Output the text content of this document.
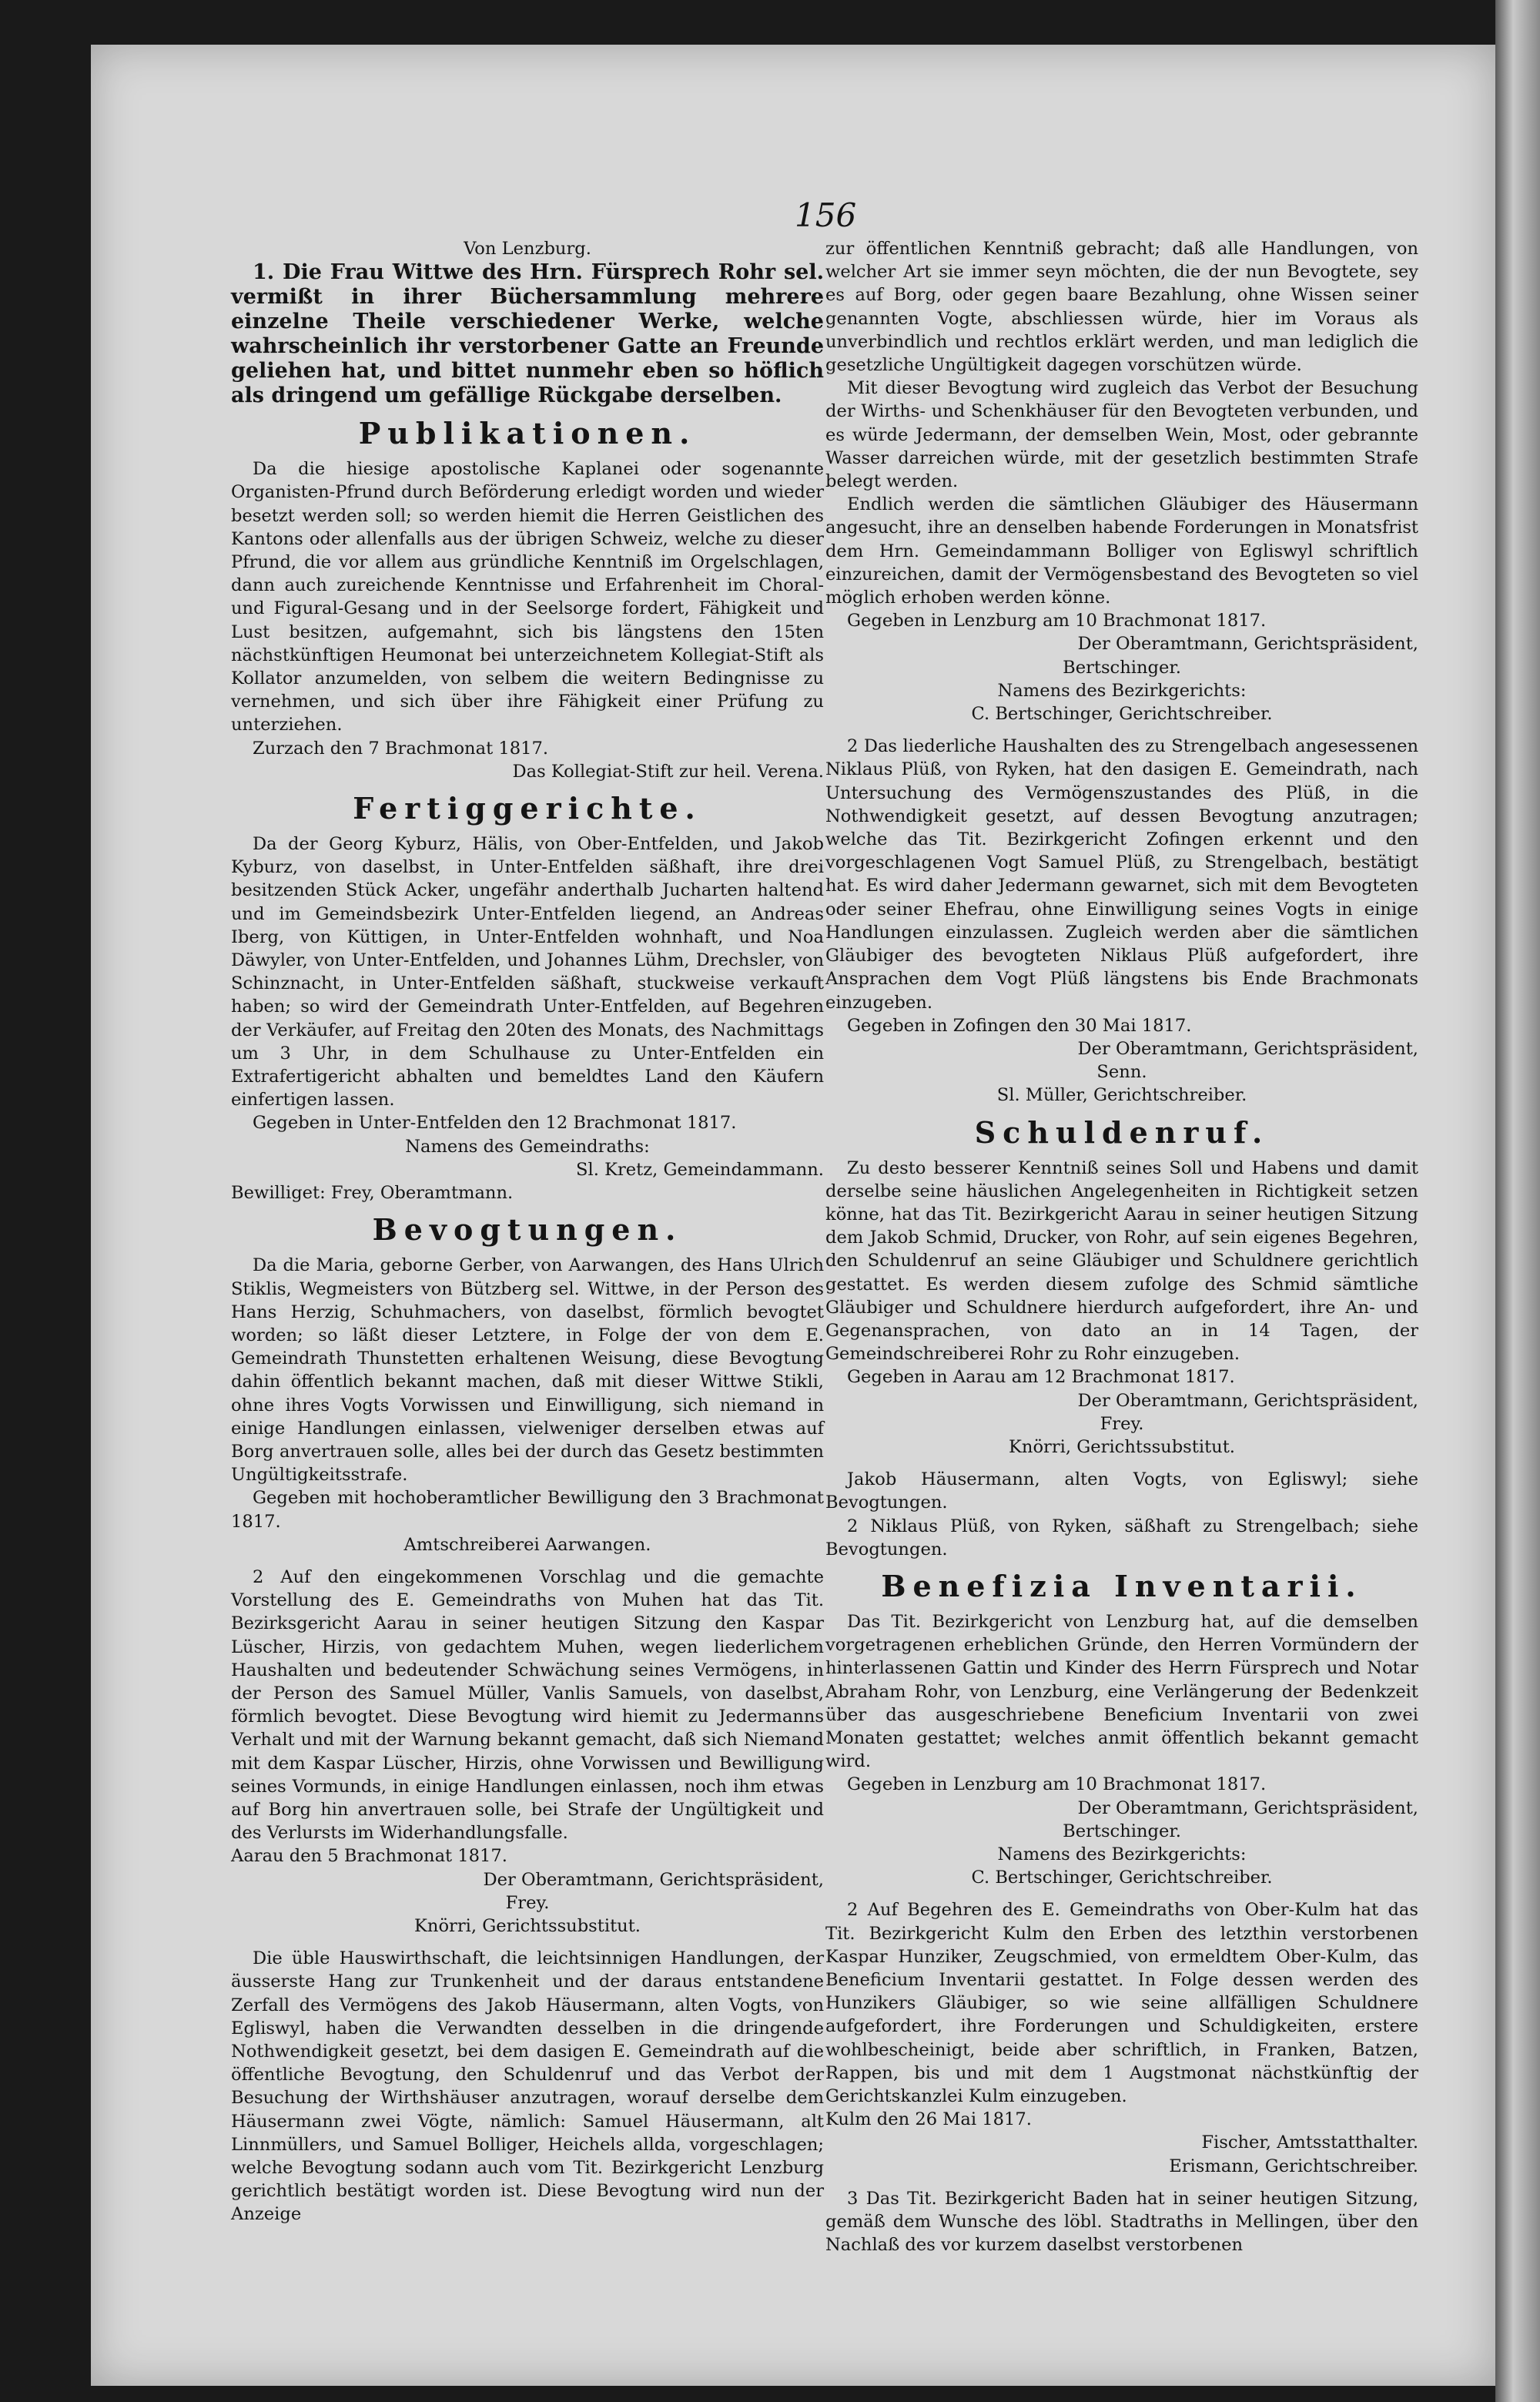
156

Von Lenzburg.

1. Die Frau Wittwe des Hrn. Fürsprech Rohr sel. vermißt in ihrer Büchersammlung mehrere einzelne Theile verschiedener Werke, welche wahrscheinlich ihr verstorbener Gatte an Freunde geliehen hat, und bittet nunmehr eben so höflich als dringend um gefällige Rückgabe derselben.

Publikationen.

Da die hiesige apostolische Kaplanei oder sogenannte Organisten-Pfrund durch Beförderung erledigt worden und wieder besetzt werden soll; so werden hiemit die Herren Geistlichen des Kantons oder allenfalls aus der übrigen Schweiz, welche zu dieser Pfrund, die vor allem aus gründliche Kenntniß im Orgelschlagen, dann auch zureichende Kenntnisse und Erfahrenheit im Choral- und Figural-Gesang und in der Seelsorge fordert, Fähigkeit und Lust besitzen, aufgemahnt, sich bis längstens den 15ten nächstkünftigen Heumonat bei unterzeichnetem Kollegiat-Stift als Kollator anzumelden, von selbem die weitern Bedingnisse zu vernehmen, und sich über ihre Fähigkeit einer Prüfung zu unterziehen.

Zurzach den 7 Brachmonat 1817.

Das Kollegiat-Stift zur heil. Verena.

Fertiggerichte.

Da der Georg Kyburz, Hälis, von Ober-Entfelden, und Jakob Kyburz, von daselbst, in Unter-Entfelden säßhaft, ihre drei besitzenden Stück Acker, ungefähr anderthalb Jucharten haltend und im Gemeindsbezirk Unter-Entfelden liegend, an Andreas Iberg, von Küttigen, in Unter-Entfelden wohnhaft, und Noa Däwyler, von Unter-Entfelden, und Johannes Lühm, Drechsler, von Schinznacht, in Unter-Entfelden säßhaft, stuckweise verkauft haben; so wird der Gemeindrath Unter-Entfelden, auf Begehren der Verkäufer, auf Freitag den 20ten des Monats, des Nachmittags um 3 Uhr, in dem Schulhause zu Unter-Entfelden ein Extrafertigericht abhalten und bemeldtes Land den Käufern einfertigen lassen.

Gegeben in Unter-Entfelden den 12 Brachmonat 1817.

Namens des Gemeindraths:

Sl. Kretz, Gemeindammann.

Bewilliget: Frey, Oberamtmann.

Bevogtungen.

Da die Maria, geborne Gerber, von Aarwangen, des Hans Ulrich Stiklis, Wegmeisters von Bützberg sel. Wittwe, in der Person des Hans Herzig, Schuhmachers, von daselbst, förmlich bevogtet worden; so läßt dieser Letztere, in Folge der von dem E. Gemeindrath Thunstetten erhaltenen Weisung, diese Bevogtung dahin öffentlich bekannt machen, daß mit dieser Wittwe Stikli, ohne ihres Vogts Vorwissen und Einwilligung, sich niemand in einige Handlungen einlassen, vielweniger derselben etwas auf Borg anvertrauen solle, alles bei der durch das Gesetz bestimmten Ungültigkeitsstrafe.

Gegeben mit hochoberamtlicher Bewilligung den 3 Brachmonat 1817.

Amtschreiberei Aarwangen.

2 Auf den eingekommenen Vorschlag und die gemachte Vorstellung des E. Gemeindraths von Muhen hat das Tit. Bezirksgericht Aarau in seiner heutigen Sitzung den Kaspar Lüscher, Hirzis, von gedachtem Muhen, wegen liederlichem Haushalten und bedeutender Schwächung seines Vermögens, in der Person des Samuel Müller, Vanlis Samuels, von daselbst, förmlich bevogtet. Diese Bevogtung wird hiemit zu Jedermanns Verhalt und mit der Warnung bekannt gemacht, daß sich Niemand mit dem Kaspar Lüscher, Hirzis, ohne Vorwissen und Bewilligung seines Vormunds, in einige Handlungen einlassen, noch ihm etwas auf Borg hin anvertrauen solle, bei Strafe der Ungültigkeit und des Verlursts im Widerhandlungsfalle.

Aarau den 5 Brachmonat 1817.

Der Oberamtmann, Gerichtspräsident,

Frey.

Knörri, Gerichtssubstitut.

Die üble Hauswirthschaft, die leichtsinnigen Handlungen, der äusserste Hang zur Trunkenheit und der daraus entstandene Zerfall des Vermögens des Jakob Häusermann, alten Vogts, von Egliswyl, haben die Verwandten desselben in die dringende Nothwendigkeit gesetzt, bei dem dasigen E. Gemeindrath auf die öffentliche Bevogtung, den Schuldenruf und das Verbot der Besuchung der Wirthshäuser anzutragen, worauf derselbe dem Häusermann zwei Vögte, nämlich: Samuel Häusermann, alt Linnmüllers, und Samuel Bolliger, Heichels allda, vorgeschlagen; welche Bevogtung sodann auch vom Tit. Bezirkgericht Lenzburg gerichtlich bestätigt worden ist. Diese Bevogtung wird nun der Anzeige

zur öffentlichen Kenntniß gebracht; daß alle Handlungen, von welcher Art sie immer seyn möchten, die der nun Bevogtete, sey es auf Borg, oder gegen baare Bezahlung, ohne Wissen seiner genannten Vogte, abschliessen würde, hier im Voraus als unverbindlich und rechtlos erklärt werden, und man lediglich die gesetzliche Ungültigkeit dagegen vorschützen würde.

Mit dieser Bevogtung wird zugleich das Verbot der Besuchung der Wirths- und Schenkhäuser für den Bevogteten verbunden, und es würde Jedermann, der demselben Wein, Most, oder gebrannte Wasser darreichen würde, mit der gesetzlich bestimmten Strafe belegt werden.

Endlich werden die sämtlichen Gläubiger des Häusermann angesucht, ihre an denselben habende Forderungen in Monatsfrist dem Hrn. Gemeindammann Bolliger von Egliswyl schriftlich einzureichen, damit der Vermögensbestand des Bevogteten so viel möglich erhoben werden könne.

Gegeben in Lenzburg am 10 Brachmonat 1817.

Der Oberamtmann, Gerichtspräsident,

Bertschinger.

Namens des Bezirkgerichts:

C. Bertschinger, Gerichtschreiber.

2 Das liederliche Haushalten des zu Strengelbach angesessenen Niklaus Plüß, von Ryken, hat den dasigen E. Gemeindrath, nach Untersuchung des Vermögenszustandes des Plüß, in die Nothwendigkeit gesetzt, auf dessen Bevogtung anzutragen; welche das Tit. Bezirkgericht Zofingen erkennt und den vorgeschlagenen Vogt Samuel Plüß, zu Strengelbach, bestätigt hat. Es wird daher Jedermann gewarnet, sich mit dem Bevogteten oder seiner Ehefrau, ohne Einwilligung seines Vogts in einige Handlungen einzulassen. Zugleich werden aber die sämtlichen Gläubiger des bevogteten Niklaus Plüß aufgefordert, ihre Ansprachen dem Vogt Plüß längstens bis Ende Brachmonats einzugeben.

Gegeben in Zofingen den 30 Mai 1817.

Der Oberamtmann, Gerichtspräsident,

Senn.

Sl. Müller, Gerichtschreiber.

Schuldenruf.

Zu desto besserer Kenntniß seines Soll und Habens und damit derselbe seine häuslichen Angelegenheiten in Richtigkeit setzen könne, hat das Tit. Bezirkgericht Aarau in seiner heutigen Sitzung dem Jakob Schmid, Drucker, von Rohr, auf sein eigenes Begehren, den Schuldenruf an seine Gläubiger und Schuldnere gerichtlich gestattet. Es werden diesem zufolge des Schmid sämtliche Gläubiger und Schuldnere hierdurch aufgefordert, ihre An- und Gegenansprachen, von dato an in 14 Tagen, der Gemeindschreiberei Rohr zu Rohr einzugeben.

Gegeben in Aarau am 12 Brachmonat 1817.

Der Oberamtmann, Gerichtspräsident,

Frey.

Knörri, Gerichtssubstitut.

Jakob Häusermann, alten Vogts, von Egliswyl; siehe Bevogtungen.

2 Niklaus Plüß, von Ryken, säßhaft zu Strengelbach; siehe Bevogtungen.

Benefizia Inventarii.

Das Tit. Bezirkgericht von Lenzburg hat, auf die demselben vorgetragenen erheblichen Gründe, den Herren Vormündern der hinterlassenen Gattin und Kinder des Herrn Fürsprech und Notar Abraham Rohr, von Lenzburg, eine Verlängerung der Bedenkzeit über das ausgeschriebene Beneficium Inventarii von zwei Monaten gestattet; welches anmit öffentlich bekannt gemacht wird.

Gegeben in Lenzburg am 10 Brachmonat 1817.

Der Oberamtmann, Gerichtspräsident,

Bertschinger.

Namens des Bezirkgerichts:

C. Bertschinger, Gerichtschreiber.

2 Auf Begehren des E. Gemeindraths von Ober-Kulm hat das Tit. Bezirkgericht Kulm den Erben des letzthin verstorbenen Kaspar Hunziker, Zeugschmied, von ermeldtem Ober-Kulm, das Beneficium Inventarii gestattet. In Folge dessen werden des Hunzikers Gläubiger, so wie seine allfälligen Schuldnere aufgefordert, ihre Forderungen und Schuldigkeiten, erstere wohlbescheinigt, beide aber schriftlich, in Franken, Batzen, Rappen, bis und mit dem 1 Augstmonat nächstkünftig der Gerichtskanzlei Kulm einzugeben.

Kulm den 26 Mai 1817.

Fischer, Amtsstatthalter.

Erismann, Gerichtschreiber.

3 Das Tit. Bezirkgericht Baden hat in seiner heutigen Sitzung, gemäß dem Wunsche des löbl. Stadtraths in Mellingen, über den Nachlaß des vor kurzem daselbst verstorbenen
